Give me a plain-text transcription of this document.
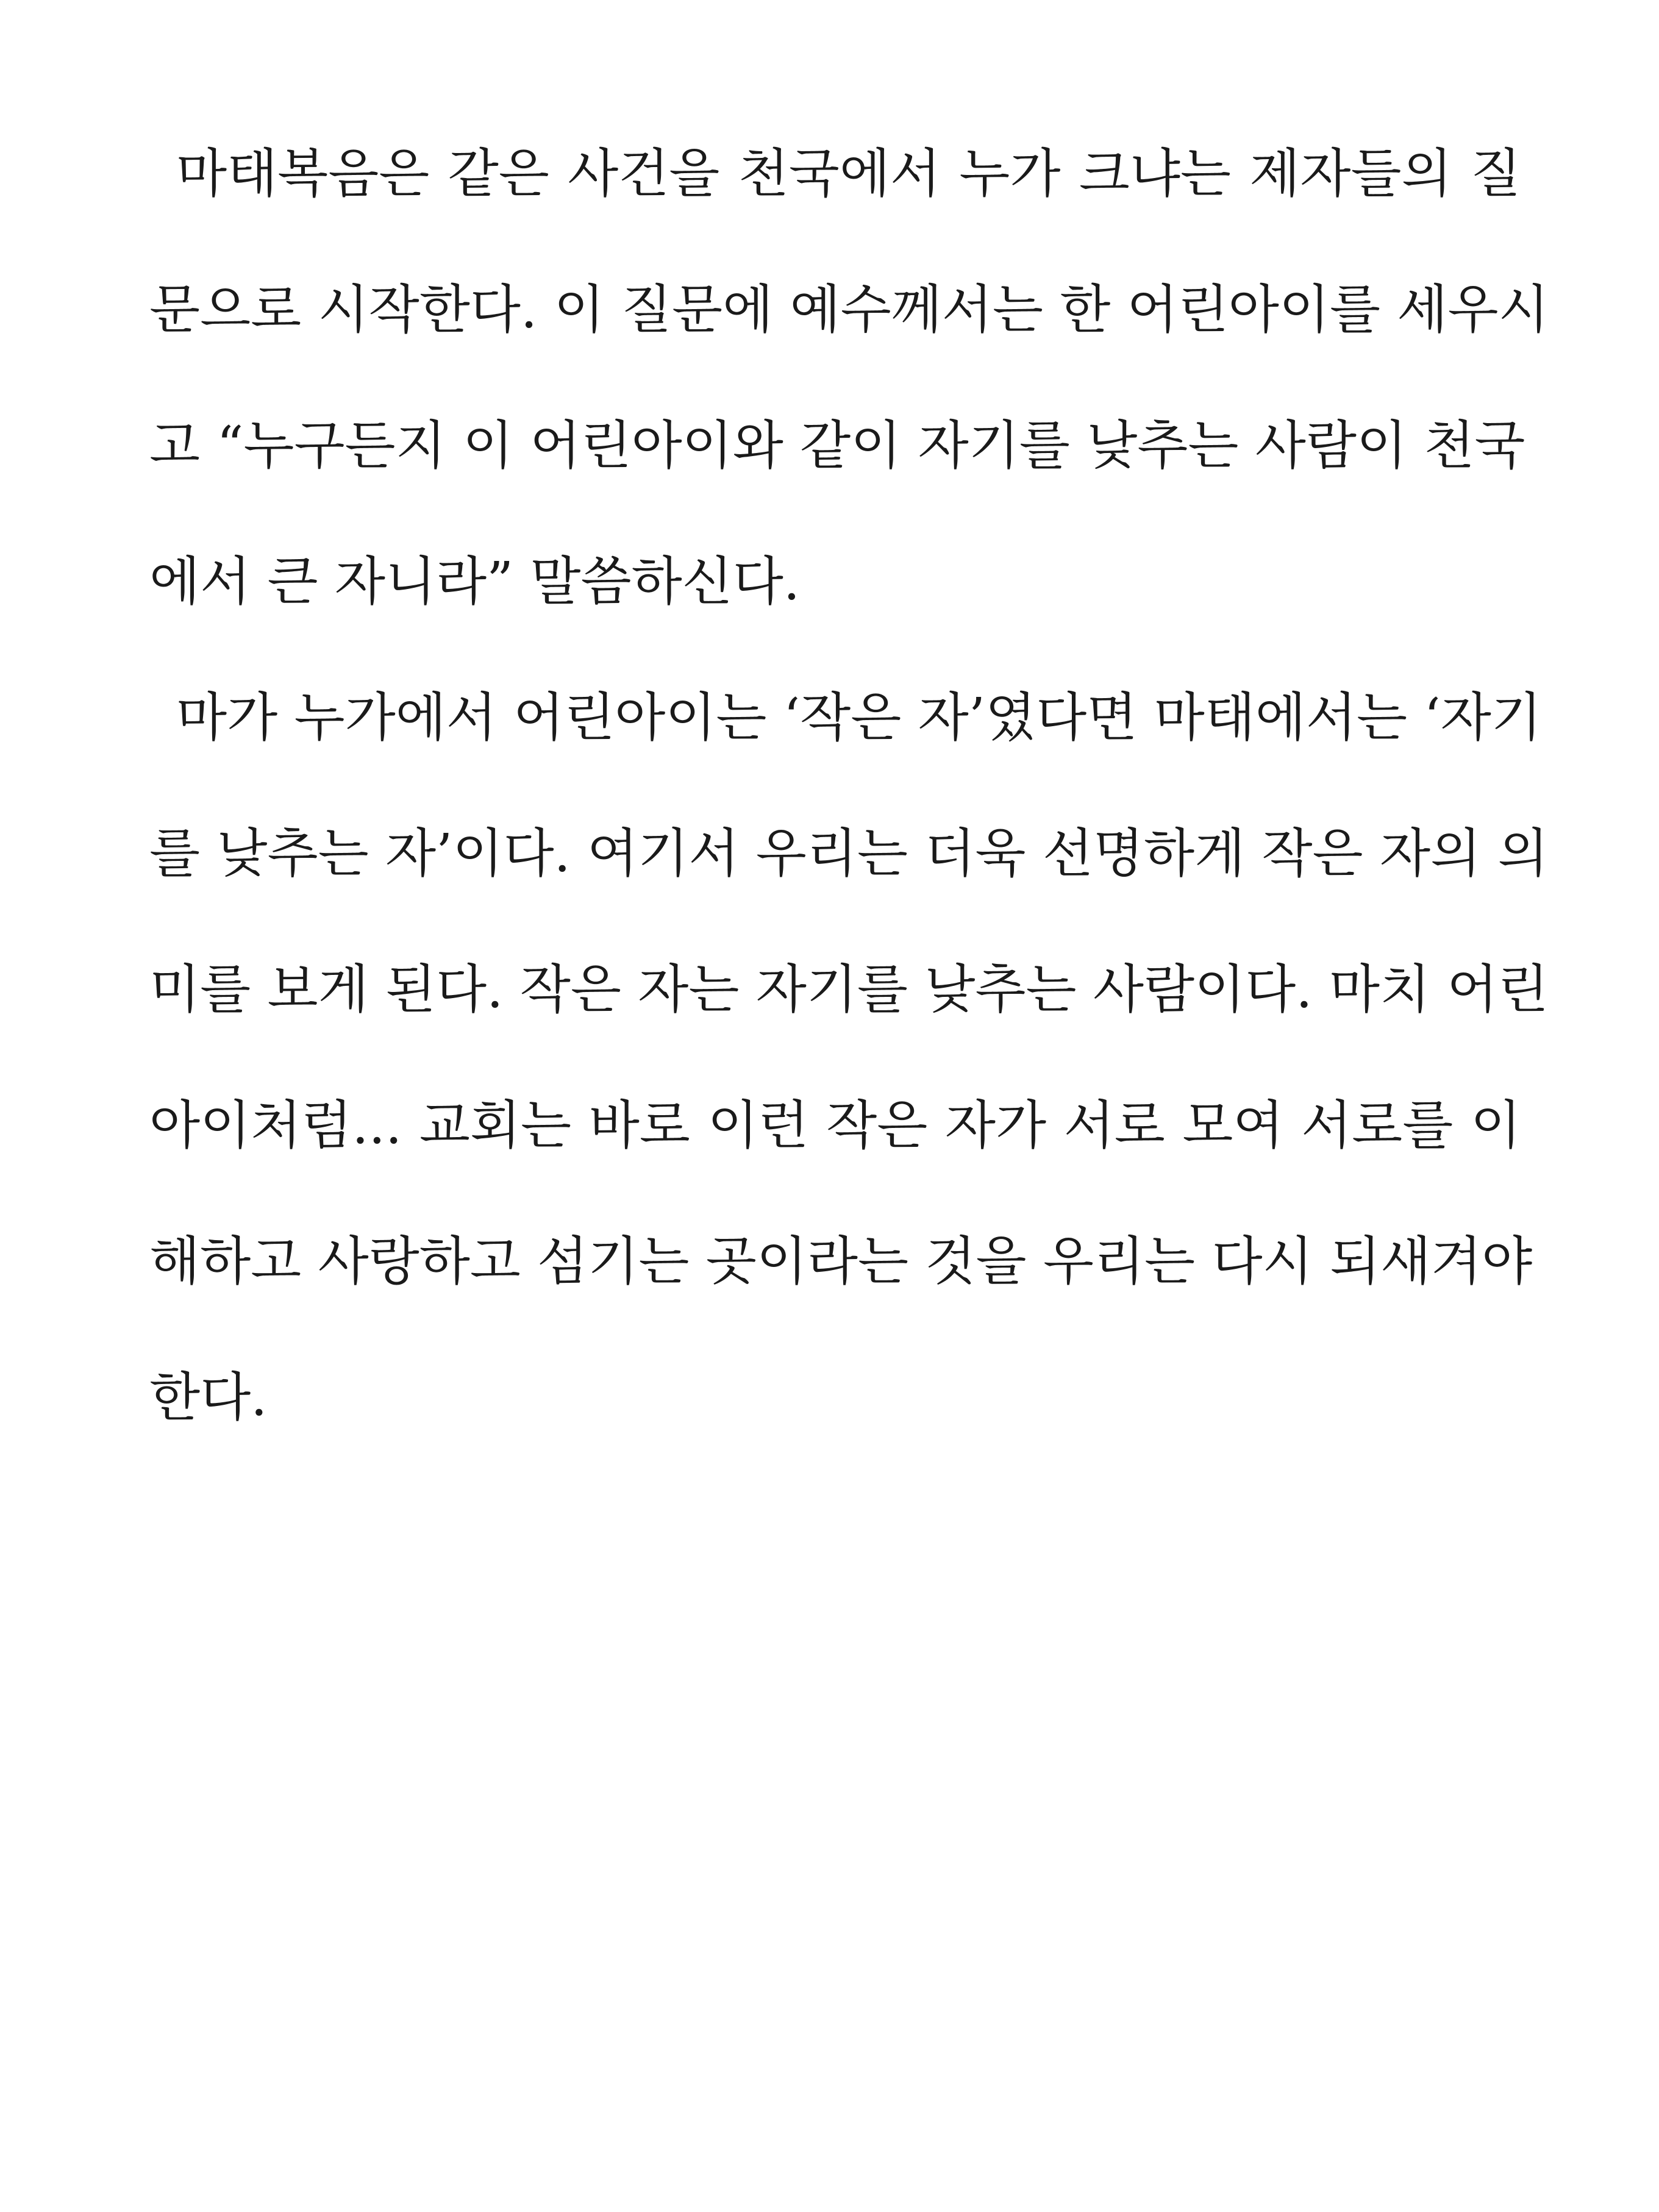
마태복음은 같은 사건을 천국에서 누가 크냐는 제자들의 질
문으로 시작한다. 이 질문에 예수께서는 한 어린아이를 세우시
고 “누구든지 이 어린아이와 같이 자기를 낮추는 사람이 천국
에서 큰 자니라” 말씀하신다.
마가 누가에서 어린아이는 ‘작은 자’였다면 마태에서는 ‘자기
를 낮추는 자’이다. 여기서 우리는 더욱 선명하게 작은 자의 의
미를 보게 된다. 작은 자는 자기를 낮추는 사람이다. 마치 어린
아이처럼... 교회는 바로 이런 작은 자가 서로 모여 서로를 이
해하고 사랑하고 섬기는 곳이라는 것을 우리는 다시 되새겨야
한다.
